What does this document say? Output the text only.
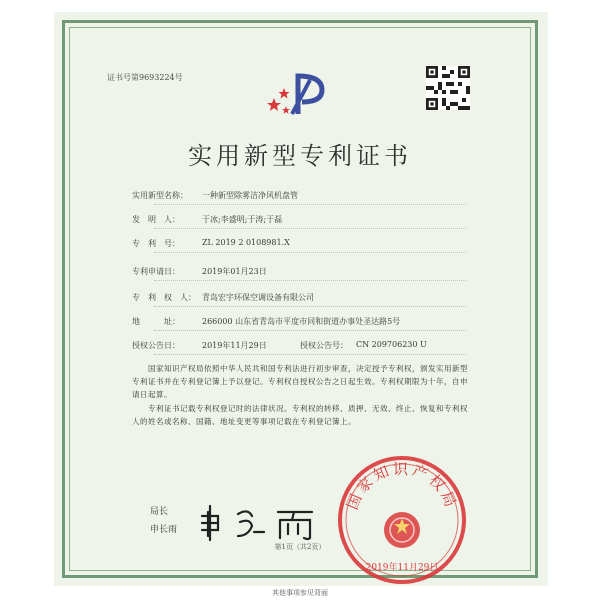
证书号第9693224号
实用新型专利证书
实用新型名称： 一种新型除雾洁净风机盘管
发　明　人：	于冰;李盛明;于涛;于磊
专　利　号：	ZL 2019 2 0108981.X
专利申请日：	2019年01月23日
专　利　权　人： 青岛宏宇环保空调设备有限公司
地　　　址：	266000 山东省青岛市平度市同和街道办事处圣达路5号
授权公告日：	2019年11月29日	授权公告号： CN 209706230 U
国家知识产权局依照中华人民共和国专利法进行初步审查，决定授予专利权，颁发实用新型专利证书并在专利登记簿上予以登记。专利权自授权公告之日起生效。专利权期限为十年，自申请日起算。
专利证书记载专利权登记时的法律状况。专利权的转移、质押、无效、终止、恢复和专利权人的姓名或名称、国籍、地址变更等事项记载在专利登记簿上。
局长
申长雨
国家知识产权局
2019年11月29日
第1页（共2页）
其他事项参见背面
